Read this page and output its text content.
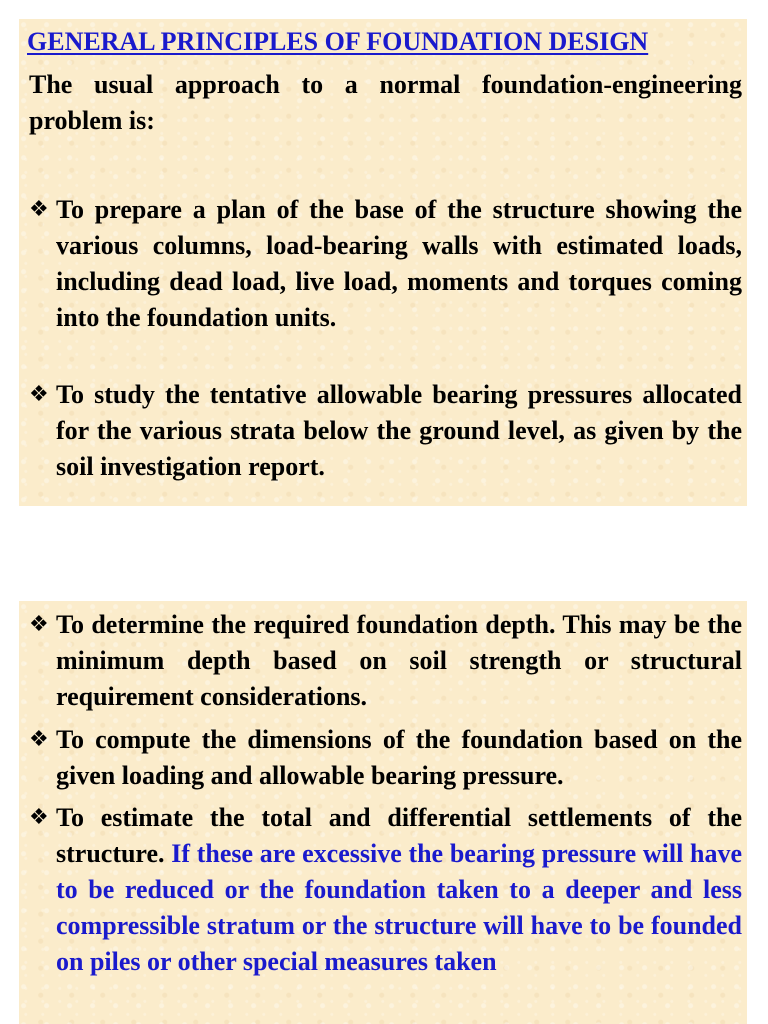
GENERAL PRINCIPLES OF FOUNDATION DESIGN
The usual approach to a normal foundation-engineering problem is:
❖ To prepare a plan of the base of the structure showing the various columns, load-bearing walls with estimated loads, including dead load, live load, moments and torques coming into the foundation units.
❖ To study the tentative allowable bearing pressures allocated for the various strata below the ground level, as given by the soil investigation report.
❖ To determine the required foundation depth. This may be the minimum depth based on soil strength or structural requirement considerations.
❖ To compute the dimensions of the foundation based on the given loading and allowable bearing pressure.
❖ To estimate the total and differential settlements of the structure. If these are excessive the bearing pressure will have to be reduced or the foundation taken to a deeper and less compressible stratum or the structure will have to be founded on piles or other special measures taken
